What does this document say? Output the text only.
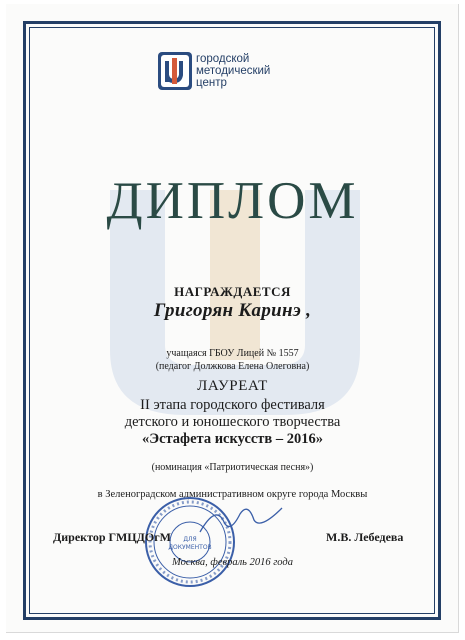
городской
методический
центр
ДИПЛОМ
НАГРАЖДАЕТСЯ
Григорян Каринэ ,
учащаяся ГБОУ Лицей № 1557
(педагог Должкова Елена Олеговна)
ЛАУРЕАТ
II этапа городского фестиваля
детского и юношеского творчества
«Эстафета искусств – 2016»
(номинация «Патриотическая песня»)
в Зеленоградском административном округе города Москвы
ДЛЯ
ДОКУМЕНТОВ
Директор ГМЦДОгМ	М.В. Лебедева
Москва, февраль 2016 года
